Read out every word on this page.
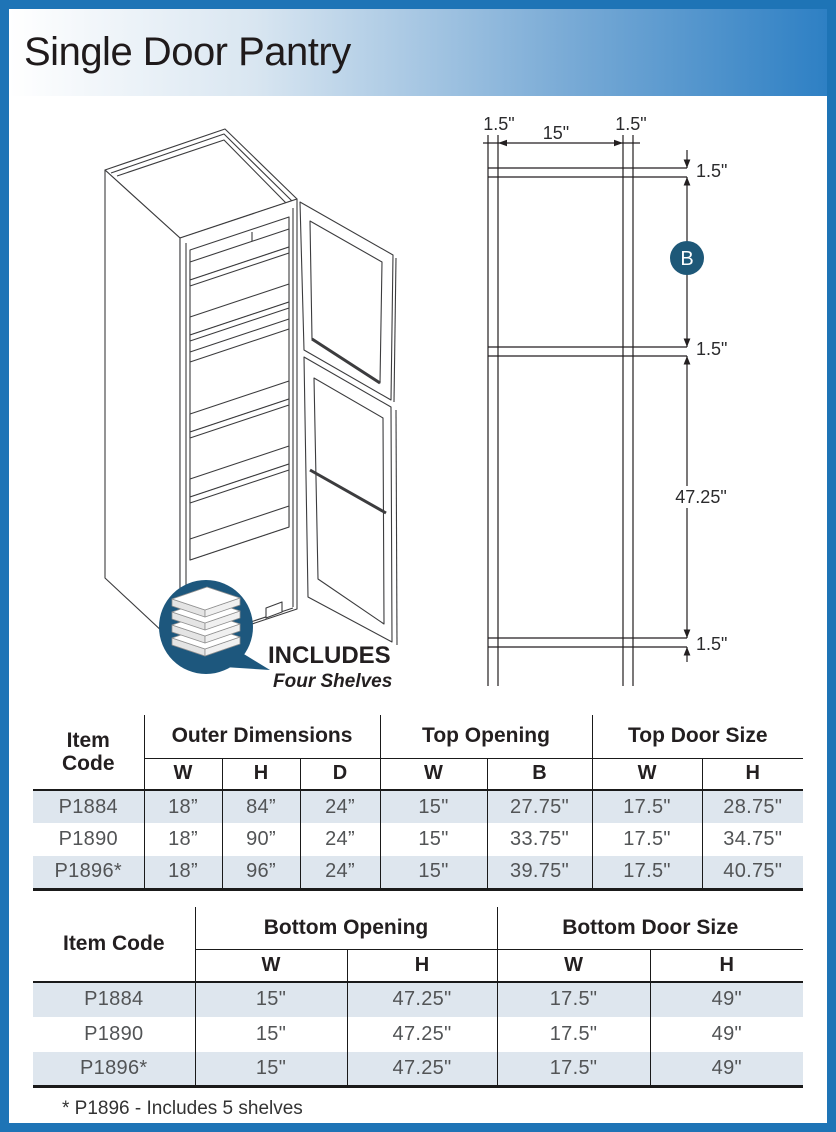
Single Door Pantry
1.5" 15"	1.5"
1.5"
1.5"
47.25"
1.5"
B
INCLUDES
Four Shelves
Item
Code	Outer Dimensions			Top Opening		Top Door Size	
	W	H	D	W	B	W	H
P1884	18”	84”	24”	15"	27.75"	17.5"	28.75"
P1890	18”	90”	24”	15"	33.75"	17.5"	34.75"
P1896*	18”	96”	24”	15"	39.75"	17.5"	40.75"
Item Code	Bottom Opening		Bottom Door Size	
	W	H	W	H
P1884	15"	47.25"	17.5"	49"
P1890	15"	47.25"	17.5"	49"
P1896*	15"	47.25"	17.5"	49"
* P1896 - Includes 5 shelves
